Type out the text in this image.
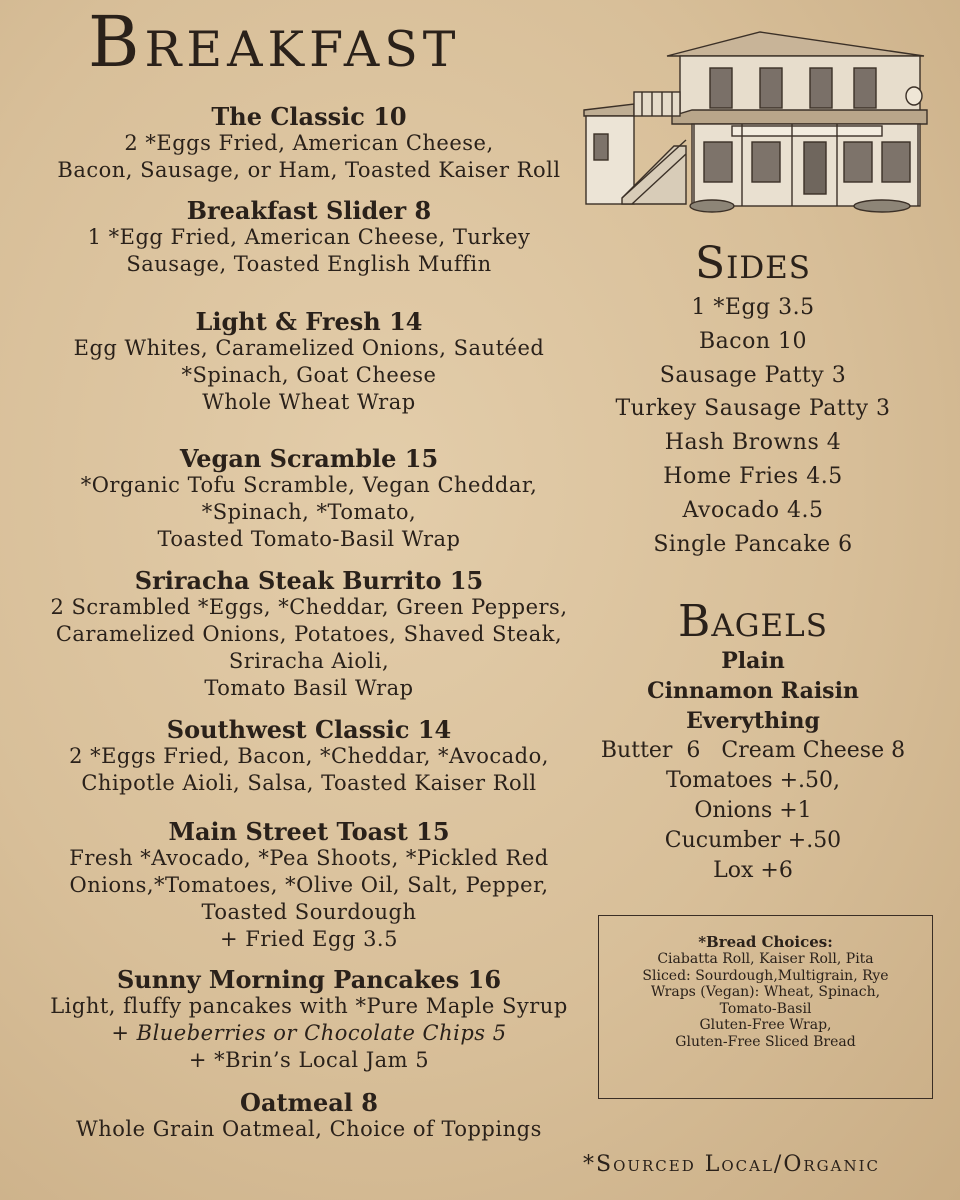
Breakfast
The Classic 10
2 *Eggs Fried, American Cheese,
Bacon, Sausage, or Ham, Toasted Kaiser Roll
Breakfast Slider 8
1 *Egg Fried, American Cheese, Turkey
Sausage, Toasted English Muffin
Light & Fresh 14
Egg Whites, Caramelized Onions, Sautéed
*Spinach, Goat Cheese
Whole Wheat Wrap
Vegan Scramble 15
*Organic Tofu Scramble, Vegan Cheddar,
*Spinach, *Tomato,
Toasted Tomato-Basil Wrap
Sriracha Steak Burrito 15
2 Scrambled *Eggs, *Cheddar, Green Peppers,
Caramelized Onions, Potatoes, Shaved Steak,
Sriracha Aioli,
Tomato Basil Wrap
Southwest Classic 14
2 *Eggs Fried, Bacon, *Cheddar, *Avocado,
Chipotle Aioli, Salsa, Toasted Kaiser Roll
Main Street Toast 15
Fresh *Avocado, *Pea Shoots, *Pickled Red
Onions,*Tomatoes, *Olive Oil, Salt, Pepper,
Toasted Sourdough
+ Fried Egg 3.5
Sunny Morning Pancakes 16
Light, fluffy pancakes with *Pure Maple Syrup
+ Blueberries or Chocolate Chips 5
+ *Brin’s Local Jam 5
Oatmeal 8
Whole Grain Oatmeal, Choice of Toppings
Sides
1 *Egg 3.5
Bacon 10
Sausage Patty 3
Turkey Sausage Patty 3
Hash Browns 4
Home Fries 4.5
Avocado 4.5
Single Pancake 6
Bagels
Plain
Cinnamon Raisin
Everything
Butter  6   Cream Cheese 8
Tomatoes +.50,
Onions +1
Cucumber +.50
Lox +6
*Bread Choices:
Ciabatta Roll, Kaiser Roll, Pita
Sliced: Sourdough,Multigrain, Rye
Wraps (Vegan): Wheat, Spinach,
Tomato-Basil
Gluten-Free Wrap,
Gluten-Free Sliced Bread
*Sourced Local/Organic
